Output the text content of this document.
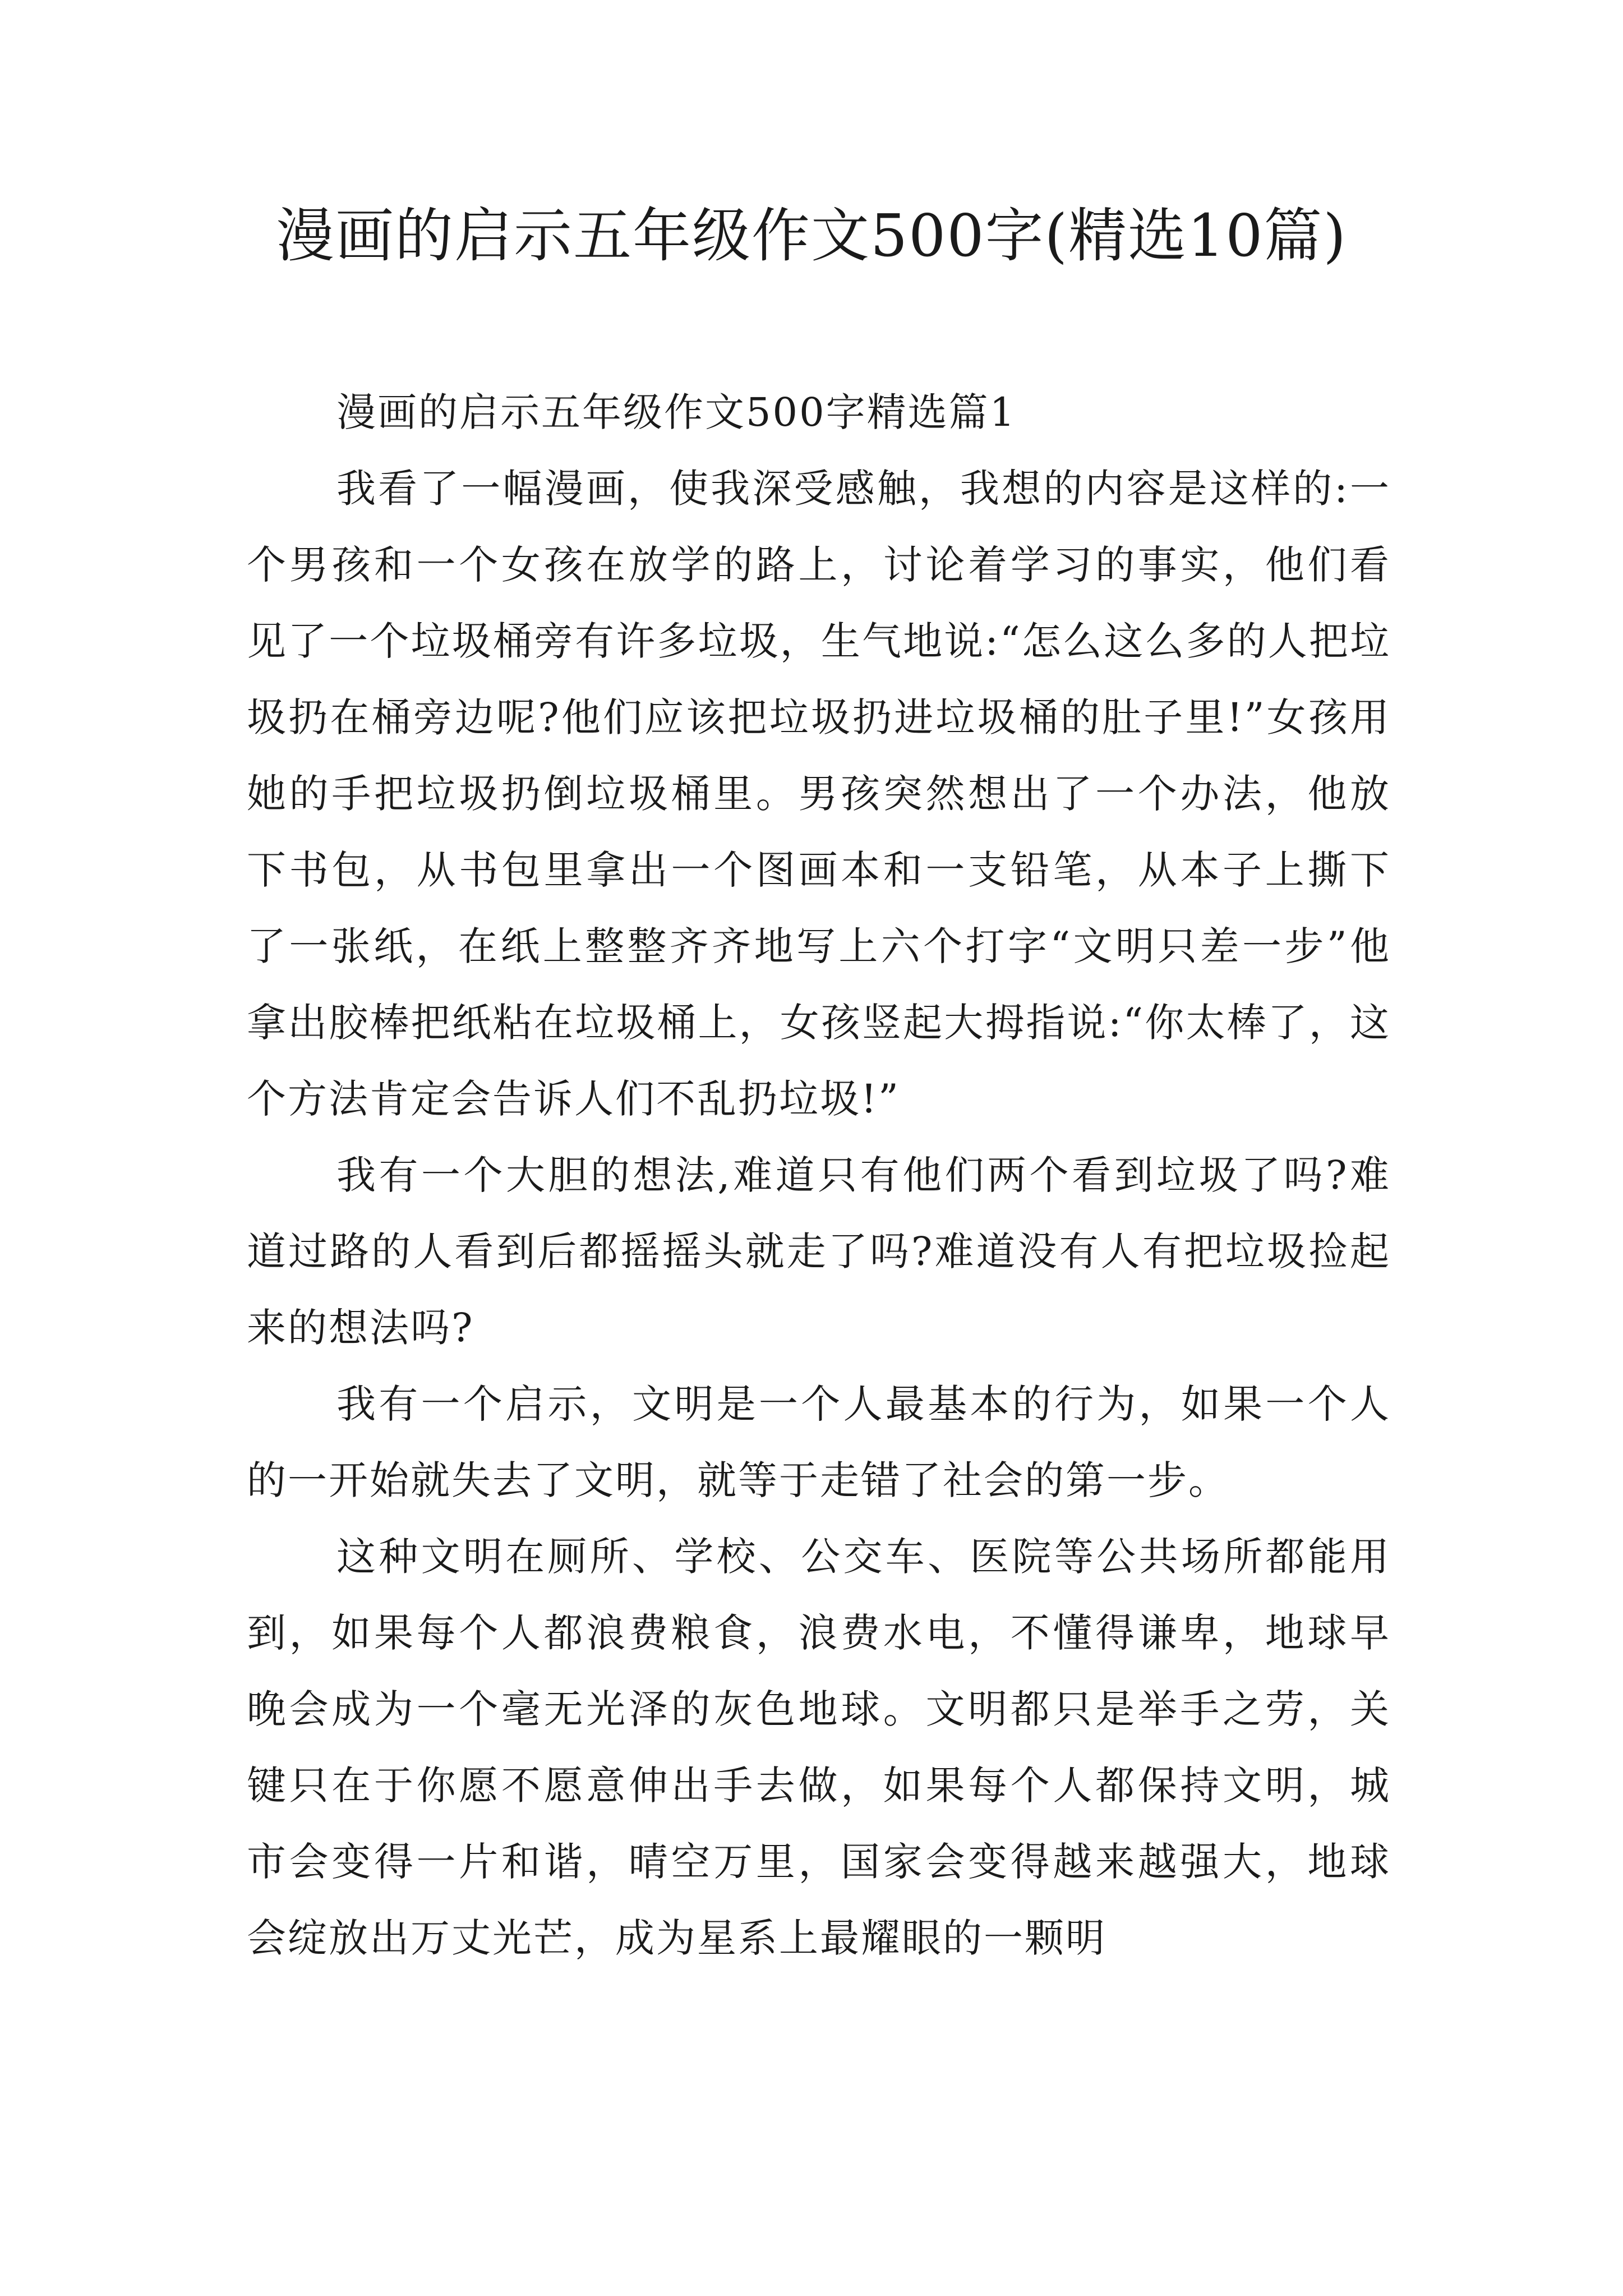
漫画的启示五年级作文500字(精选10篇)

漫画的启示五年级作文500字精选篇1

我看了一幅漫画，使我深受感触，我想的内容是这样的:一个男孩和一个女孩在放学的路上，讨论着学习的事实，他们看见了一个垃圾桶旁有许多垃圾，生气地说:“怎么这么多的人把垃圾扔在桶旁边呢?他们应该把垃圾扔进垃圾桶的肚子里!”女孩用她的手把垃圾扔倒垃圾桶里。男孩突然想出了一个办法，他放下书包，从书包里拿出一个图画本和一支铅笔，从本子上撕下了一张纸，在纸上整整齐齐地写上六个打字“文明只差一步”他拿出胶棒把纸粘在垃圾桶上，女孩竖起大拇指说:“你太棒了，这个方法肯定会告诉人们不乱扔垃圾!”

我有一个大胆的想法,难道只有他们两个看到垃圾了吗?难道过路的人看到后都摇摇头就走了吗?难道没有人有把垃圾捡起来的想法吗?

我有一个启示，文明是一个人最基本的行为，如果一个人的一开始就失去了文明，就等于走错了社会的第一步。

这种文明在厕所、学校、公交车、医院等公共场所都能用到，如果每个人都浪费粮食，浪费水电，不懂得谦卑，地球早晚会成为一个毫无光泽的灰色地球。文明都只是举手之劳，关键只在于你愿不愿意伸出手去做，如果每个人都保持文明，城市会变得一片和谐，晴空万里，国家会变得越来越强大，地球会绽放出万丈光芒，成为星系上最耀眼的一颗明
